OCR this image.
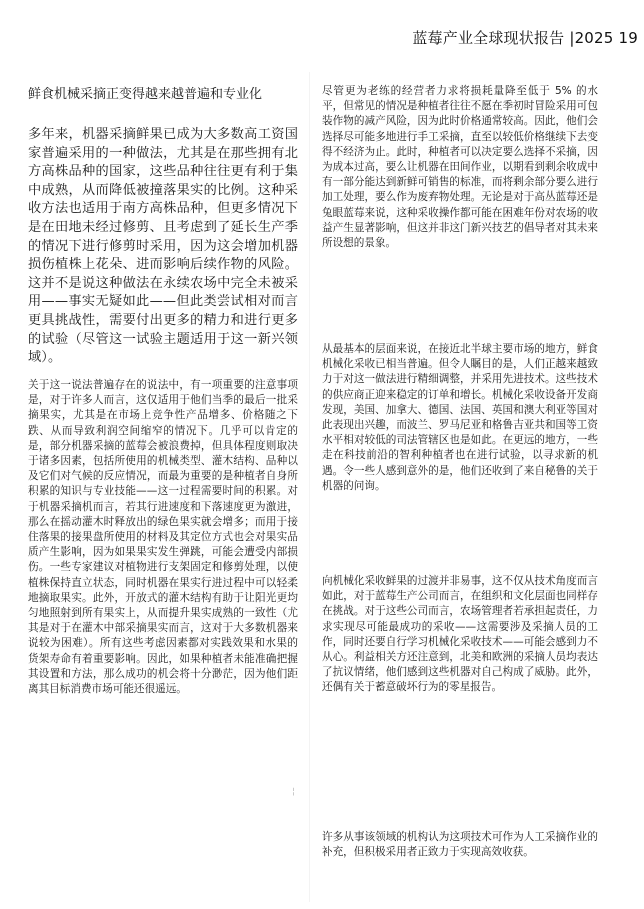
蓝莓产业全球现状报告 |2025 19
鲜食机械采摘正变得越来越普遍和专业化

多年来，机器采摘鲜果已成为大多数高工资国家普遍采用的一种做法，尤其是在那些拥有北方高株品种的国家，这些品种往往更有利于集中成熟，从而降低被撞落果实的比例。这种采收方法也适用于南方高株品种，但更多情况下是在田地未经过修剪、且考虑到了延长生产季的情况下进行修剪时采用，因为这会增加机器损伤植株上花朵、进而影响后续作物的风险。这并不是说这种做法在永续农场中完全未被采用——事实无疑如此——但此类尝试相对而言更具挑战性，需要付出更多的精力和进行更多的试验（尽管这一试验主题适用于这一新兴领域）。

关于这一说法普遍存在的说法中，有一项重要的注意事项是，对于许多人而言，这仅适用于他们当季的最后一批采摘果实，尤其是在市场上竞争性产品增多、价格随之下跌、从而导致利润空间缩窄的情况下。几乎可以肯定的是，部分机器采摘的蓝莓会被浪费掉，但具体程度则取决于诸多因素，包括所使用的机械类型、灌木结构、品种以及它们对气候的反应情况，而最为重要的是种植者自身所积累的知识与专业技能——这一过程需要时间的积累。对于机器采摘机而言，若其行进速度和下落速度更为激进，那么在摇动灌木时释放出的绿色果实就会增多；而用于接住落果的接果盘所使用的材料及其定位方式也会对果实品质产生影响，因为如果果实发生弹跳，可能会遭受内部损伤。一些专家建议对植物进行支架固定和修剪处理，以使植株保持直立状态，同时机器在果实行进过程中可以轻柔地摘取果实。此外，开放式的灌木结构有助于让阳光更均匀地照射到所有果实上，从而提升果实成熟的一致性（尤其是对于在灌木中部采摘果实而言，这对于大多数机器来说较为困难）。所有这些考虑因素都对实践效果和水果的货架寿命有着重要影响。因此，如果种植者未能准确把握其设置和方法，那么成功的机会将十分渺茫，因为他们距离其目标消费市场可能还很遥远。

¦

尽管更为老练的经营者力求将损耗量降至低于 5% 的水平，但常见的情况是种植者往往不愿在季初时冒险采用可包装作物的减产风险，因为此时价格通常较高。因此，他们会选择尽可能多地进行手工采摘，直至以较低价格继续下去变得不经济为止。此时，种植者可以决定要么选择不采摘，因为成本过高，要么让机器在田间作业，以期看到剩余收成中有一部分能达到新鲜可销售的标准，而将剩余部分要么进行加工处理，要么作为废弃物处理。无论是对于高丛蓝莓还是兔眼蓝莓来说，这种采收操作都可能在困难年份对农场的收益产生显著影响，但这并非这门新兴技艺的倡导者对其未来所设想的景象。

从最基本的层面来说，在接近北半球主要市场的地方，鲜食机械化采收已相当普遍。但令人瞩目的是，人们正越来越致力于对这一做法进行精细调整，并采用先进技术。这些技术的供应商正迎来稳定的订单和增长。机械化采收设备开发商发现，美国、加拿大、德国、法国、英国和澳大利亚等国对此表现出兴趣，而波兰、罗马尼亚和格鲁吉亚共和国等工资水平相对较低的司法管辖区也是如此。在更远的地方，一些走在科技前沿的智利种植者也在进行试验，以寻求新的机遇。令一些人感到意外的是，他们还收到了来自秘鲁的关于机器的问询。

向机械化采收鲜果的过渡并非易事，这不仅从技术角度而言如此，对于蓝莓生产公司而言，在组织和文化层面也同样存在挑战。对于这些公司而言，农场管理者若承担起责任，力求实现尽可能最成功的采收——这需要涉及采摘人员的工作，同时还要自行学习机械化采收技术——可能会感到力不从心。利益相关方还注意到，北美和欧洲的采摘人员均表达了抗议情绪，他们感到这些机器对自己构成了威胁。此外，还偶有关于蓄意破坏行为的零星报告。

许多从事该领域的机构认为这项技术可作为人工采摘作业的补充，但积极采用者正致力于实现高效收获。
